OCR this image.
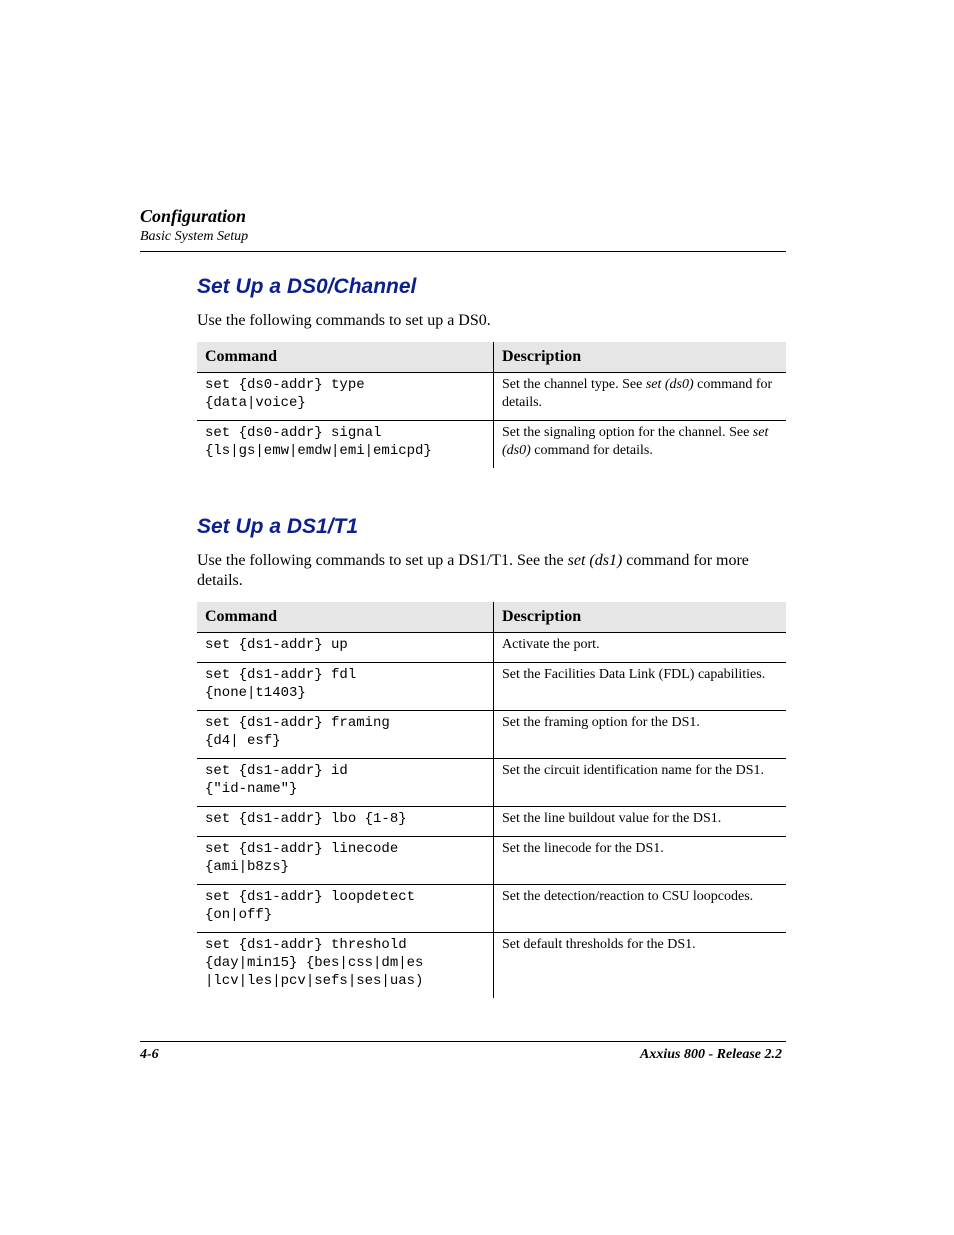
Configuration
Basic System Setup
Set Up a DS0/Channel
Use the following commands to set up a DS0.
Command	Description
set {ds0-addr} type
{data|voice}	Set the channel type. See set (ds0) command for details.
set {ds0-addr} signal
{ls|gs|emw|emdw|emi|emicpd}	Set the signaling option for the channel. See set (ds0) command for details.
Set Up a DS1/T1
Use the following commands to set up a DS1/T1. See the set (ds1) command for more details.
Command	Description
set {ds1-addr} up	Activate the port.
set {ds1-addr} fdl
{none|t1403}	Set the Facilities Data Link (FDL) capabilities.
set {ds1-addr} framing
{d4| esf}	Set the framing option for the DS1.
set {ds1-addr} id
{"id-name"}	Set the circuit identification name for the DS1.
set {ds1-addr} lbo {1-8}	Set the line buildout value for the DS1.
set {ds1-addr} linecode
{ami|b8zs}	Set the linecode for the DS1.
set {ds1-addr} loopdetect
{on|off}	Set the detection/reaction to CSU loopcodes.
set {ds1-addr} threshold
{day|min15} {bes|css|dm|es
|lcv|les|pcv|sefs|ses|uas)	Set default thresholds for the DS1.
4-6	Axxius 800 - Release 2.2
